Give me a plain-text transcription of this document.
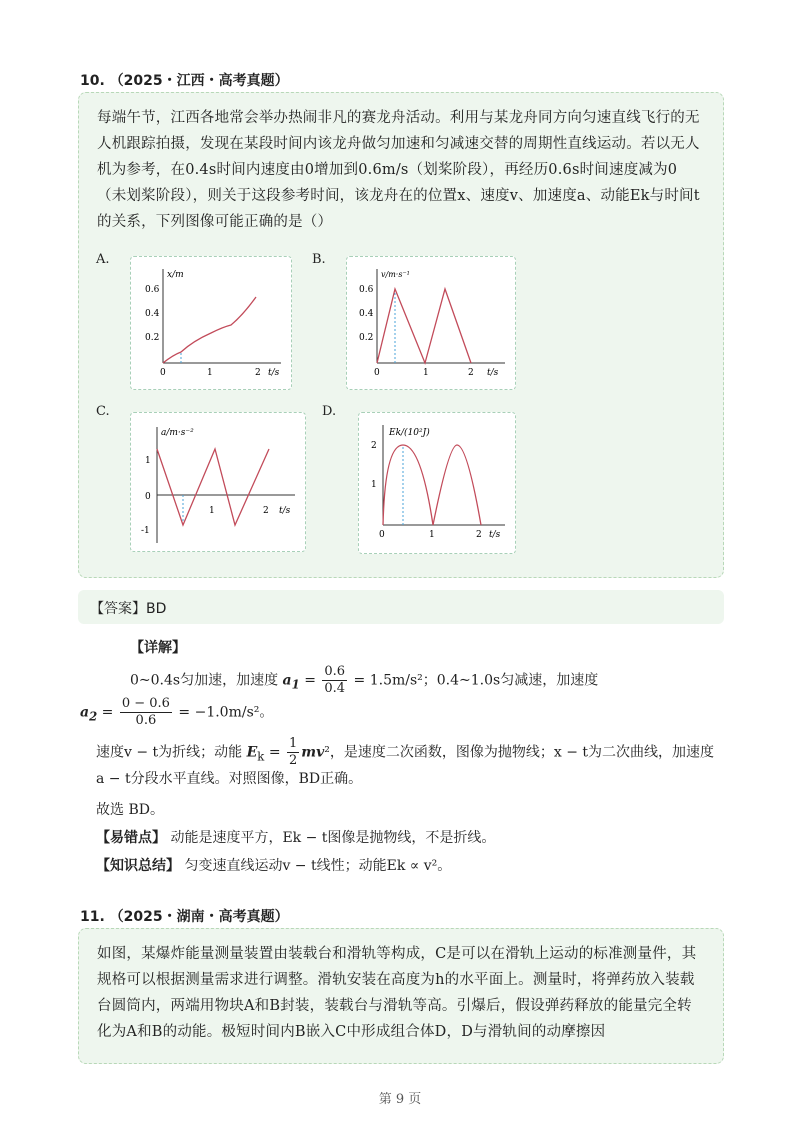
10. （2025・江西・高考真题）
每端午节，江西各地常会举办热闹非凡的赛龙舟活动。利用与某龙舟同方向匀速直线飞行的无人机跟踪拍摄，发现在某段时间内该龙舟做匀加速和匀减速交替的周期性直线运动。若以无人机为参考，在0.4s时间内速度由0增加到0.6m/s（划桨阶段），再经历0.6s时间速度减为0（未划桨阶段），则关于这段参考时间，该龙舟在的位置x、速度v、加速度a、动能Ek与时间t的关系，下列图像可能正确的是（）
A.	B.
C.	D.
x/m
t/s
0.6
0.4
0.2
0	1	2
v/m·s⁻¹
t/s
0.6
0.4
0.2
0	1	2
a/m·s⁻²
t/s
1
0
-1
1	2
Ek/(10²J)
t/s
2
1
0	1	2
【答案】BD
【详解】
0~0.4s匀加速，加速度 $a_1 = \frac{0.6}{0.4} = 1.5m/s^2$；0.4~1.0s匀减速，加速度
$a_2 = \frac{0 - 0.6}{0.6} = -1.0m/s^2$。
速度v − t为折线；动能 $E_k = \frac{1}{2} mv^2$，是速度二次函数，图像为抛物线；x − t为二次曲线，加速度a − t分段水平直线。对照图像，BD正确。
故选 BD。
【易错点】 动能是速度平方，Ek − t图像是抛物线，不是折线。
【知识总结】 匀变速直线运动v − t线性；动能Ek ∝ v²。
11. （2025・湖南・高考真题）
如图，某爆炸能量测量装置由装载台和滑轨等构成，C是可以在滑轨上运动的标准测量件，其规格可以根据测量需求进行调整。滑轨安装在高度为h的水平面上。测量时，将弹药放入装载台圆筒内，两端用物块A和B封装，装载台与滑轨等高。引爆后，假设弹药释放的能量完全转化为A和B的动能。极短时间内B嵌入C中形成组合体D，D与滑轨间的动摩擦因
第 9 页
